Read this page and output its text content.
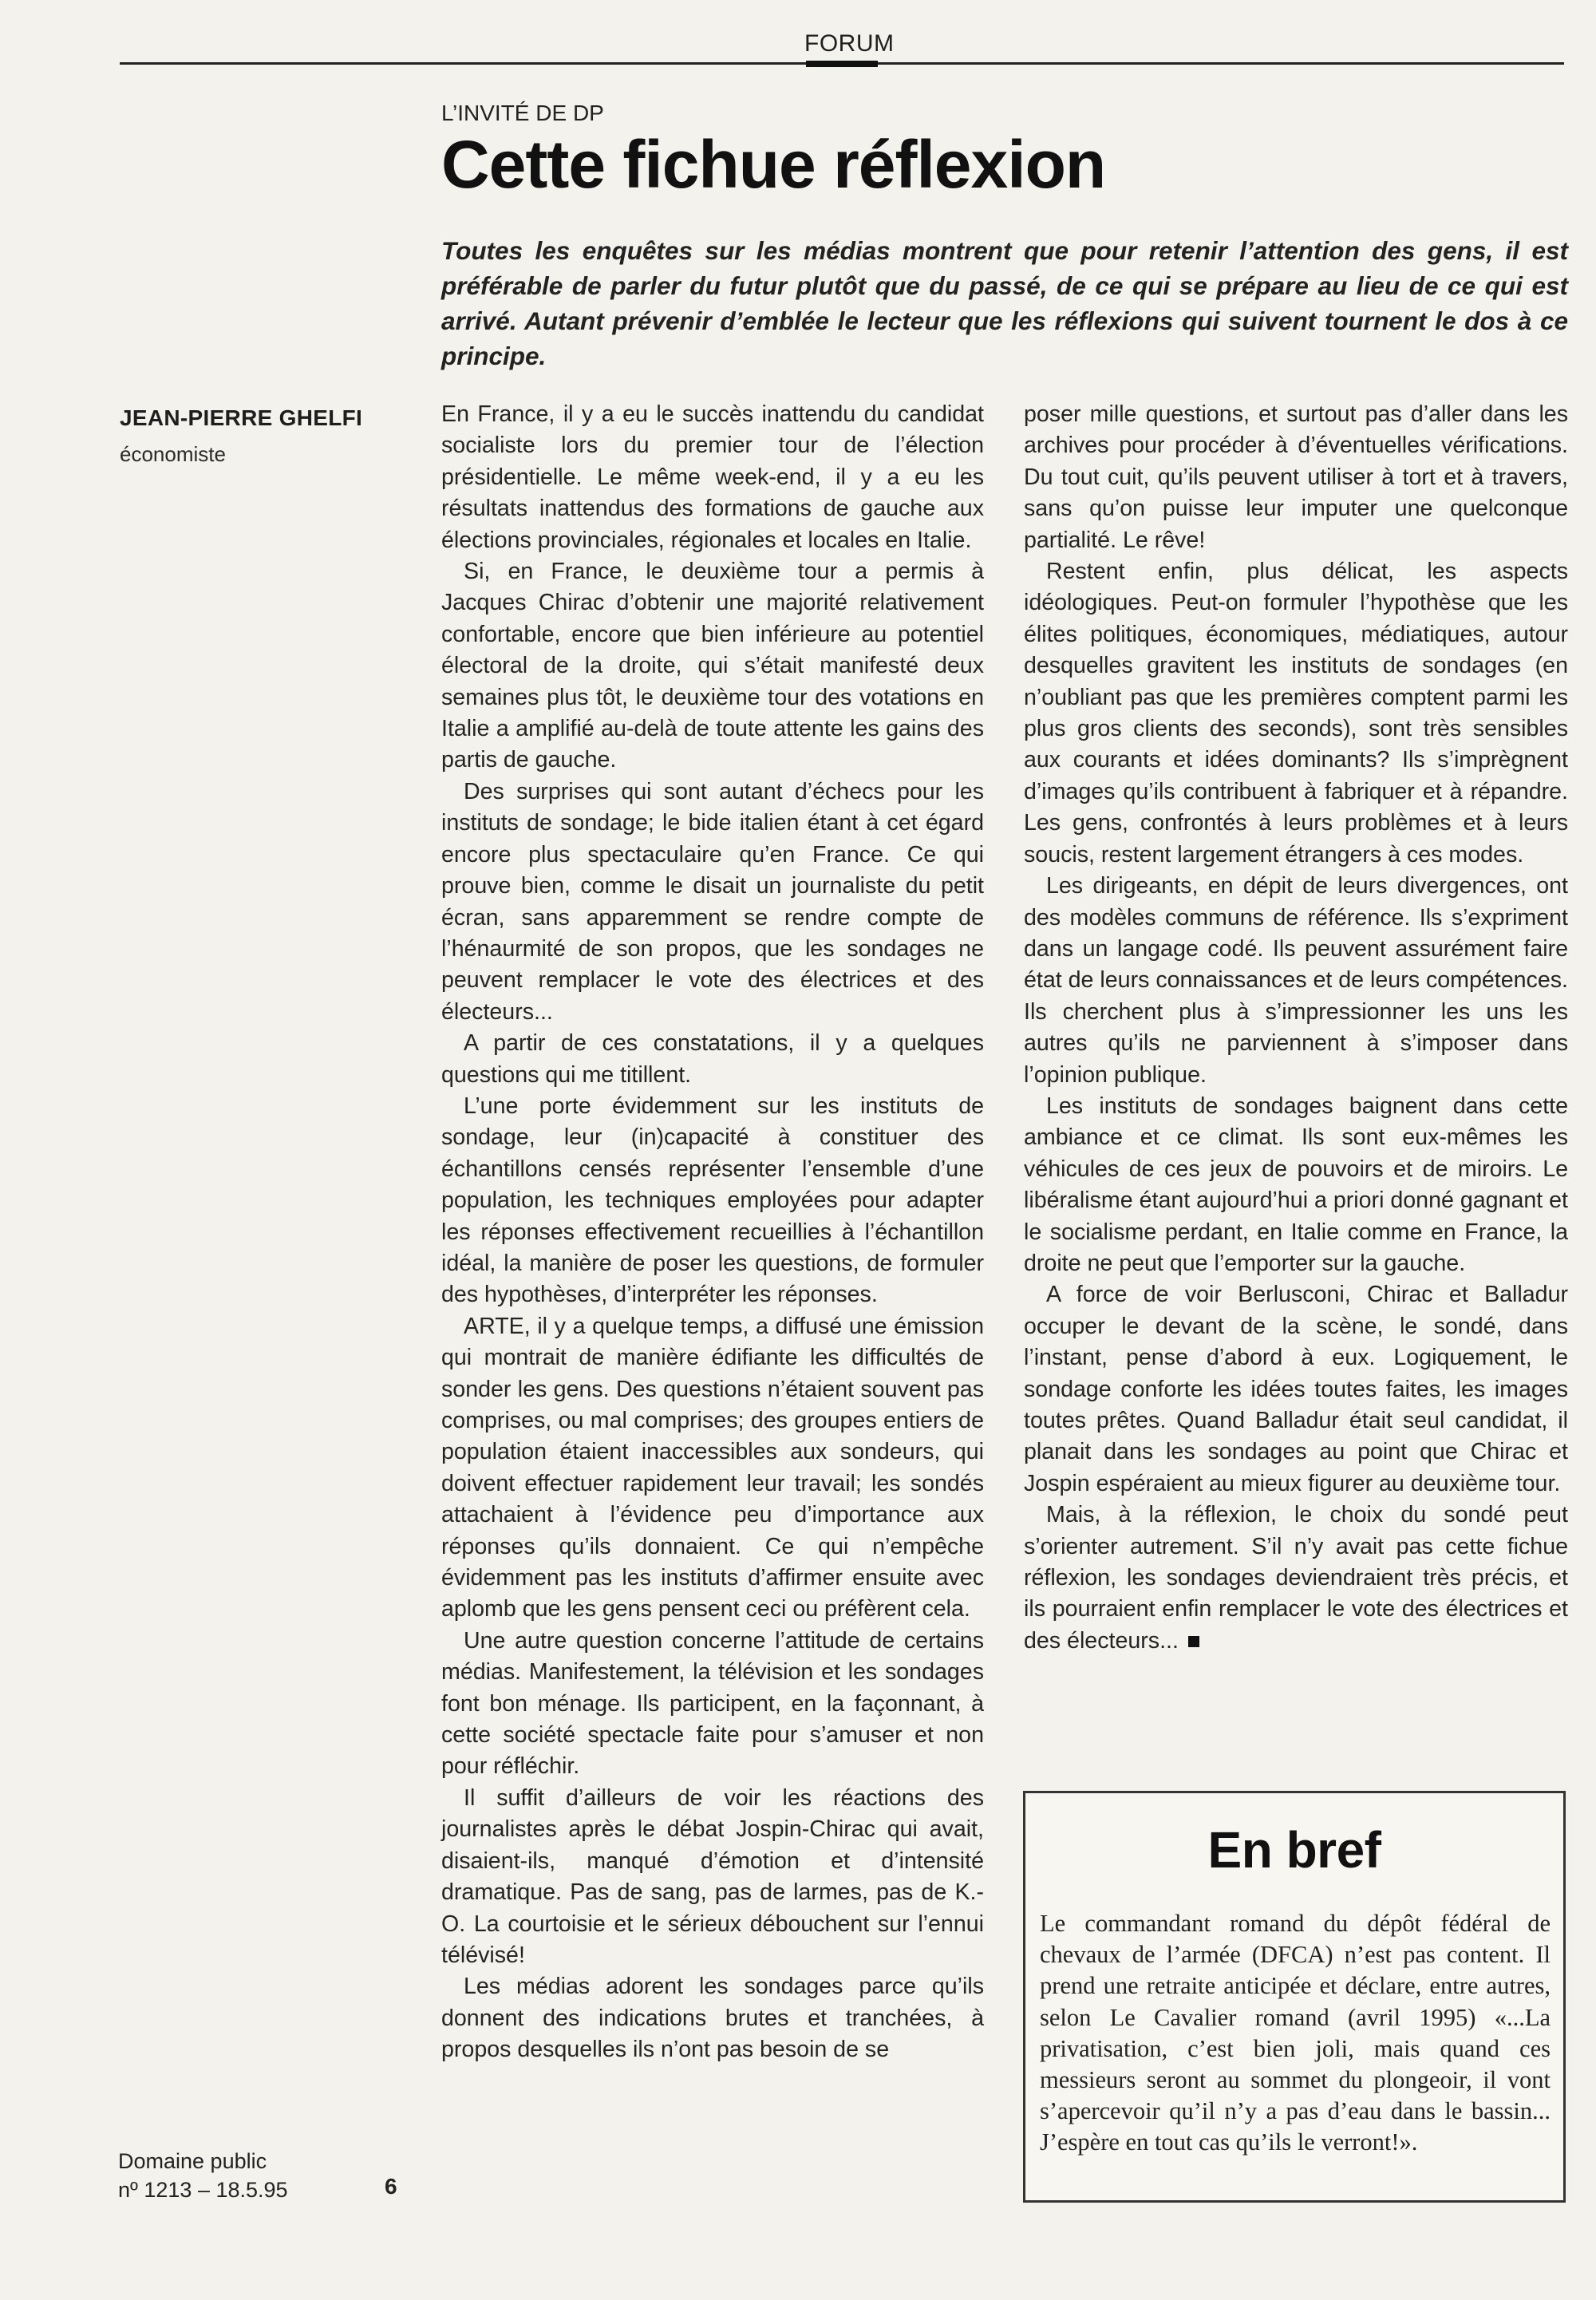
FORUM
L’INVITÉ DE DP
Cette fichue réflexion

Toutes les enquêtes sur les médias montrent que pour retenir l’attention des gens, il est préférable de parler du futur plutôt que du passé, de ce qui se prépare au lieu de ce qui est arrivé. Autant prévenir d’emblée le lecteur que les réflexions qui suivent tournent le dos à ce principe.

JEAN-PIERRE GHELFI
économiste

En France, il y a eu le succès inattendu du candidat socialiste lors du premier tour de l’élection présidentielle. Le même week-end, il y a eu les résultats inattendus des formations de gauche aux élections provinciales, régionales et locales en Italie.

Si, en France, le deuxième tour a permis à Jacques Chirac d’obtenir une majorité relativement confortable, encore que bien inférieure au potentiel électoral de la droite, qui s’était manifesté deux semaines plus tôt, le deuxième tour des votations en Italie a amplifié au-delà de toute attente les gains des partis de gauche.

Des surprises qui sont autant d’échecs pour les instituts de sondage; le bide italien étant à cet égard encore plus spectaculaire qu’en France. Ce qui prouve bien, comme le disait un journaliste du petit écran, sans apparemment se rendre compte de l’hénaurmité de son propos, que les sondages ne peuvent remplacer le vote des électrices et des électeurs...

A partir de ces constatations, il y a quelques questions qui me titillent.

L’une porte évidemment sur les instituts de sondage, leur (in)capacité à constituer des échantillons censés représenter l’ensemble d’une population, les techniques employées pour adapter les réponses effectivement recueillies à l’échantillon idéal, la manière de poser les questions, de formuler des hypothèses, d’interpréter les réponses.

ARTE, il y a quelque temps, a diffusé une émission qui montrait de manière édifiante les difficultés de sonder les gens. Des questions n’étaient souvent pas comprises, ou mal comprises; des groupes entiers de population étaient inaccessibles aux sondeurs, qui doivent effectuer rapidement leur travail; les sondés attachaient à l’évidence peu d’importance aux réponses qu’ils donnaient. Ce qui n’empêche évidemment pas les instituts d’affirmer ensuite avec aplomb que les gens pensent ceci ou préfèrent cela.

Une autre question concerne l’attitude de certains médias. Manifestement, la télévision et les sondages font bon ménage. Ils participent, en la façonnant, à cette société spectacle faite pour s’amuser et non pour réfléchir.

Il suffit d’ailleurs de voir les réactions des journalistes après le débat Jospin-Chirac qui avait, disaient-ils, manqué d’émotion et d’intensité dramatique. Pas de sang, pas de larmes, pas de K.-O. La courtoisie et le sérieux débouchent sur l’ennui télévisé!

Les médias adorent les sondages parce qu’ils donnent des indications brutes et tranchées, à propos desquelles ils n’ont pas besoin de se

poser mille questions, et surtout pas d’aller dans les archives pour procéder à d’éventuelles vérifications. Du tout cuit, qu’ils peuvent utiliser à tort et à travers, sans qu’on puisse leur imputer une quelconque partialité. Le rêve!

Restent enfin, plus délicat, les aspects idéologiques. Peut-on formuler l’hypothèse que les élites politiques, économiques, médiatiques, autour desquelles gravitent les instituts de sondages (en n’oubliant pas que les premières comptent parmi les plus gros clients des seconds), sont très sensibles aux courants et idées dominants? Ils s’imprègnent d’images qu’ils contribuent à fabriquer et à répandre. Les gens, confrontés à leurs problèmes et à leurs soucis, restent largement étrangers à ces modes.

Les dirigeants, en dépit de leurs divergences, ont des modèles communs de référence. Ils s’expriment dans un langage codé. Ils peuvent assurément faire état de leurs connaissances et de leurs compétences. Ils cherchent plus à s’impressionner les uns les autres qu’ils ne parviennent à s’imposer dans l’opinion publique.

Les instituts de sondages baignent dans cette ambiance et ce climat. Ils sont eux-mêmes les véhicules de ces jeux de pouvoirs et de miroirs. Le libéralisme étant aujourd’hui a priori donné gagnant et le socialisme perdant, en Italie comme en France, la droite ne peut que l’emporter sur la gauche.

A force de voir Berlusconi, Chirac et Balladur occuper le devant de la scène, le sondé, dans l’instant, pense d’abord à eux. Logiquement, le sondage conforte les idées toutes faites, les images toutes prêtes. Quand Balladur était seul candidat, il planait dans les sondages au point que Chirac et Jospin espéraient au mieux figurer au deuxième tour.

Mais, à la réflexion, le choix du sondé peut s’orienter autrement. S’il n’y avait pas cette fichue réflexion, les sondages deviendraient très précis, et ils pourraient enfin remplacer le vote des électrices et des électeurs...

En bref

Le commandant romand du dépôt fédéral de chevaux de l’armée (DFCA) n’est pas content. Il prend une retraite anticipée et déclare, entre autres, selon Le Cavalier romand (avril 1995) «...La privatisation, c’est bien joli, mais quand ces messieurs seront au sommet du plongeoir, il vont s’apercevoir qu’il n’y a pas d’eau dans le bassin... J’espère en tout cas qu’ils le verront!».

Domaine public
nº 1213 – 18.5.95	6
